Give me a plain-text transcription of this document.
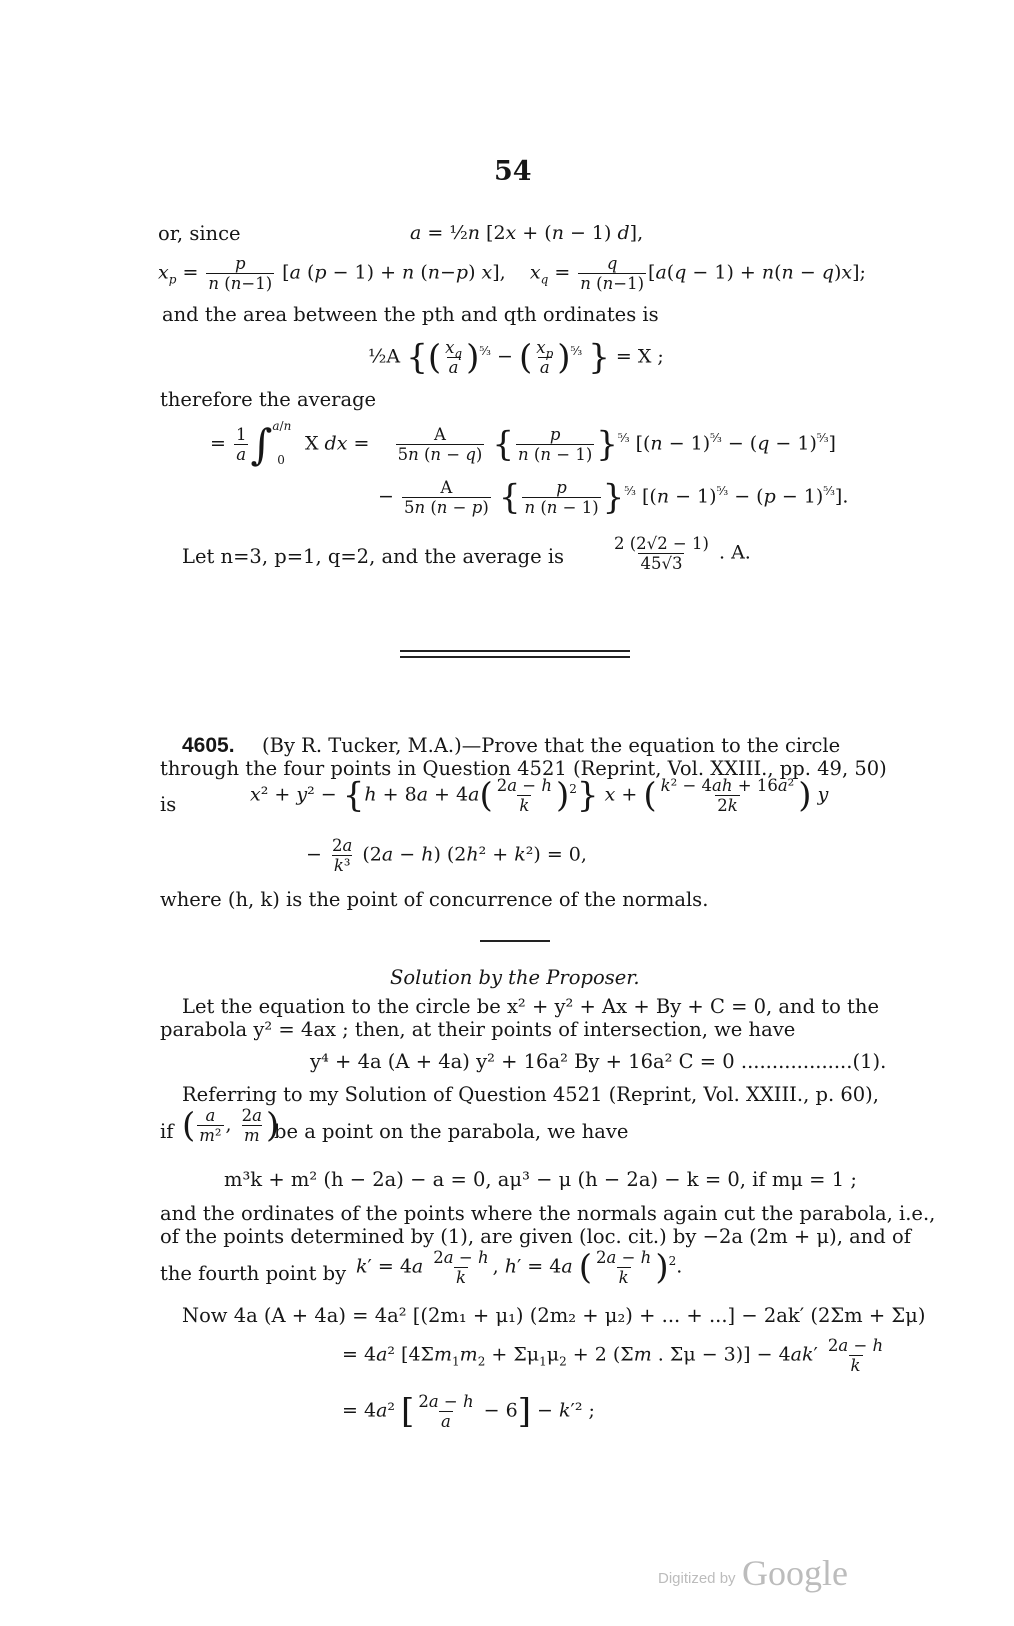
54
or, since	a = ½n [2x + (n − 1) d],
$x_p = \frac{p}{n (n-1)} [a$ (p − 1) + n (n−p) x],    $x_q = \frac{q}{n (n-1)} [a(q - 1) + n(n - q)x]$;
and the area between the pth and qth ordinates is
½A {( $\frac{x_q}{a} )^{^5⁄_3}$ − ( $\frac{x_p}{a} )^{^5⁄_3}$ } = X ;
therefore the average
= $\frac{1}{a} \int^{a/n}_0$ X dx = $\frac{A}{5n (n - q)}$ { $\frac{p}{n (n - 1)} \}^{^5⁄_3}$ $[(n - 1)^{^5⁄_3} - (q - 1)^{^5⁄_3}]$
− $\frac{A}{5n (n - p)}$ { $\frac{p}{n (n - 1)} \}^{^5⁄_3}$ $[(n - 1)^{^5⁄_3} - (p - 1)^{^5⁄_3}]$.
Let n=3, p=1, q=2, and the average is	$\frac{2 (2√2 - 1)}{45√3}$ . A.
4605. (By R. Tucker, M.A.)—Prove that the equation to the circle
through the four points in Question 4521 (Reprint, Vol. XXIII., pp. 49, 50)
is	$x^2 + y^2 - \{h + 8a + 4a( \frac{2a - h}{k} )^2\}$ x + ( $\frac{\text{k² − 4ah + 16a²}}{2k}$ ) y
− $\frac{2a}{\text{k³}} (2a - h) (2h^2 + k^2) = 0$,
where (h, k) is the point of concurrence of the normals.
Solution by the Proposer.
Let the equation to the circle be x² + y² + Ax + By + C = 0, and to the
parabola y² = 4ax ; then, at their points of intersection, we have
y⁴ + 4a (A + 4a) y² + 16a² By + 16a² C = 0 ..................(1).
Referring to my Solution of Question 4521 (Reprint, Vol. XXIII., p. 60),
if ( $\frac{a}{\text{m²}}$ , $\frac{2a}{m}$ )
be a point on the parabola, we have
m³k + m² (h − 2a) − a = 0, aμ³ − μ (h − 2a) − k = 0, if mμ = 1 ;
and the ordinates of the points where the normals again cut the parabola, i.e.,
of the points determined by (1), are given (loc. cit.) by −2a (2m + μ), and of
the fourth point by $k' = 4a \frac{2a - h}{k}$ , h′ = 4a ( $\frac{2a - h}{k} )^2$.
Now 4a (A + 4a) = 4a² [(2m₁ + μ₁) (2m₂ + μ₂) + ... + ...] − 2ak′ (2Σm + Σμ)
= 4a² [$4\Sigma m_1m_2 + \Sigma\mu_1\mu_2 + 2$ (Σm . $\Sigma\mu - 3)] - 4ak' \frac{2a - h}{k}$
= 4a² [ $\frac{2a - h}{a} - 6] - k'^2$ ;
Digitized by Google
